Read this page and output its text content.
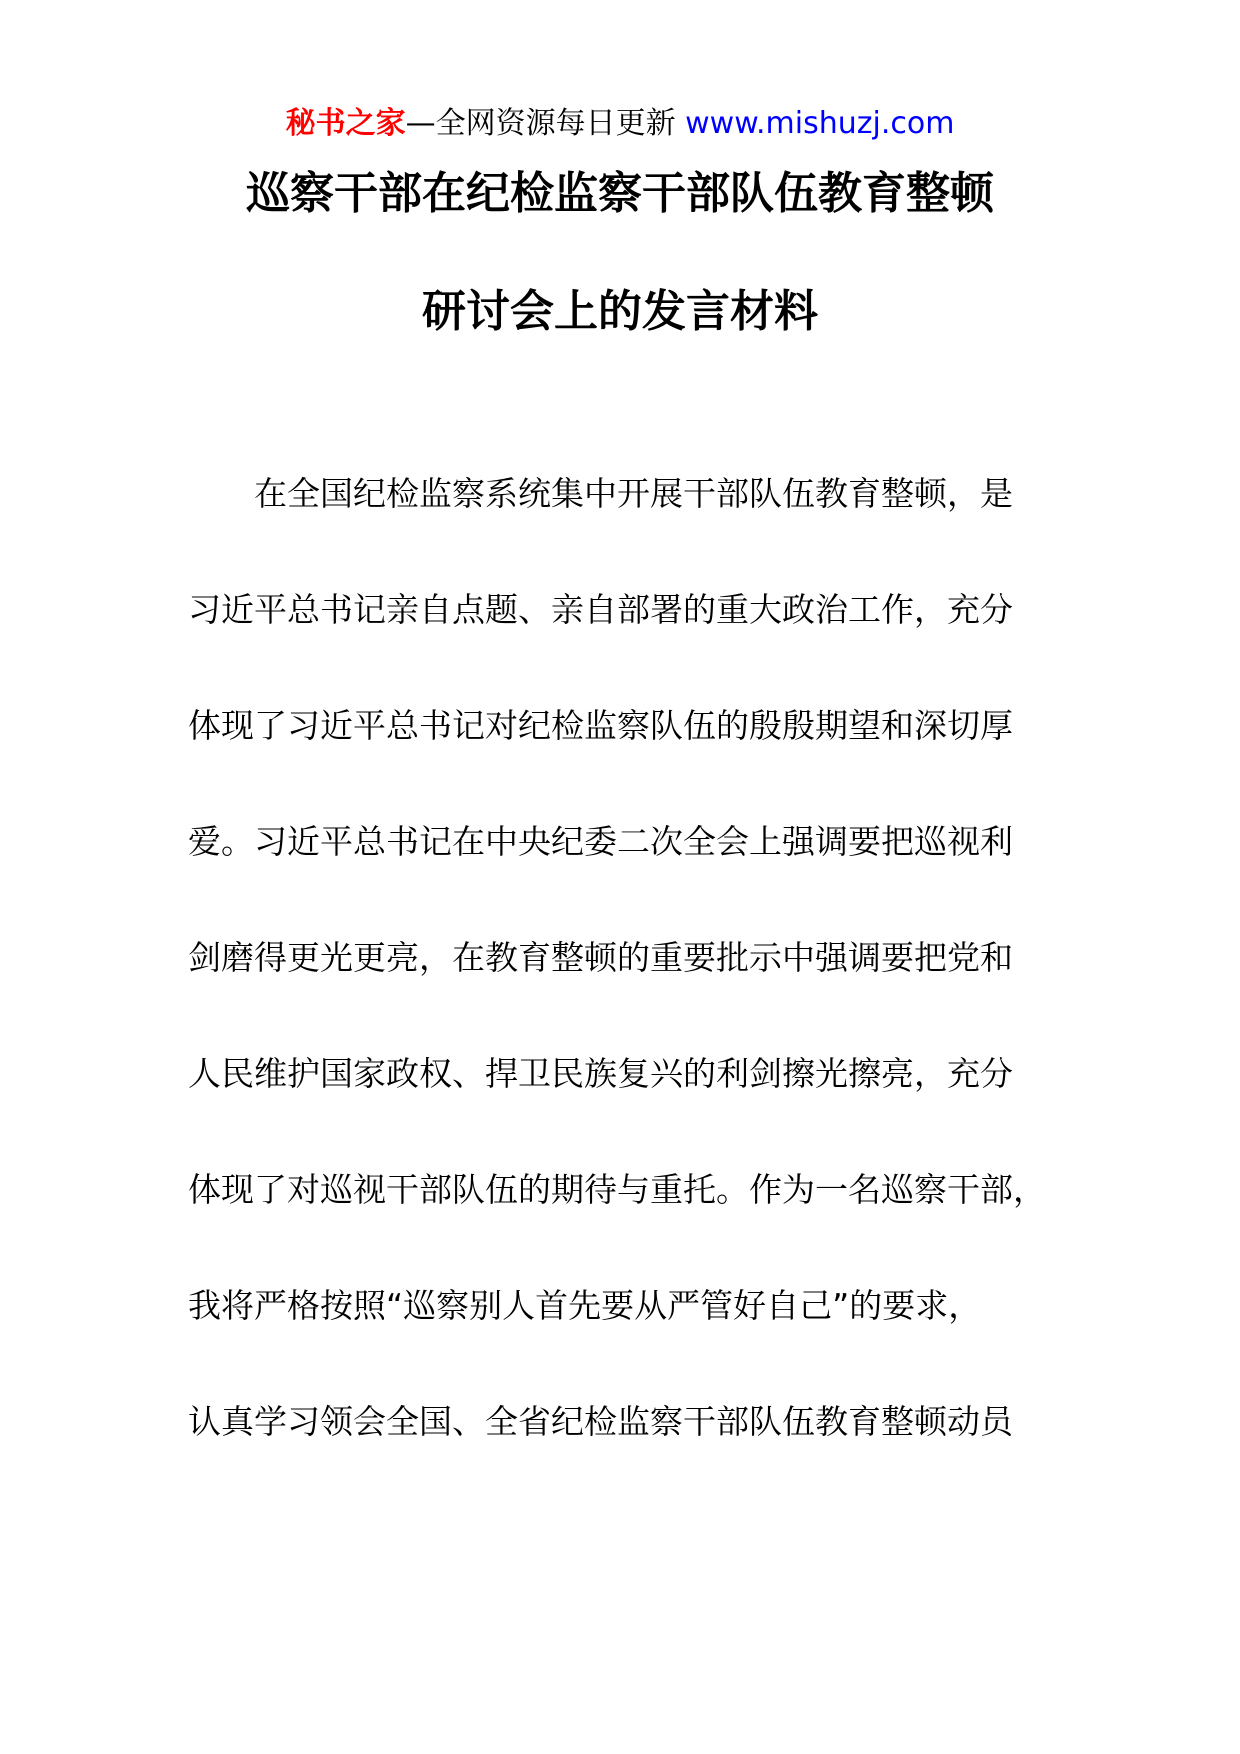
秘书之家—全网资源每日更新 www.mishuzj.com
巡察干部在纪检监察干部队伍教育整顿
研讨会上的发言材料
在全国纪检监察系统集中开展干部队伍教育整顿，是
习近平总书记亲自点题、亲自部署的重大政治工作，充分
体现了习近平总书记对纪检监察队伍的殷殷期望和深切厚
爱。习近平总书记在中央纪委二次全会上强调要把巡视利
剑磨得更光更亮，在教育整顿的重要批示中强调要把党和
人民维护国家政权、捍卫民族复兴的利剑擦光擦亮，充分
体现了对巡视干部队伍的期待与重托。作为一名巡察干部，
我将严格按照“巡察别人首先要从严管好自己”的要求，
认真学习领会全国、全省纪检监察干部队伍教育整顿动员
